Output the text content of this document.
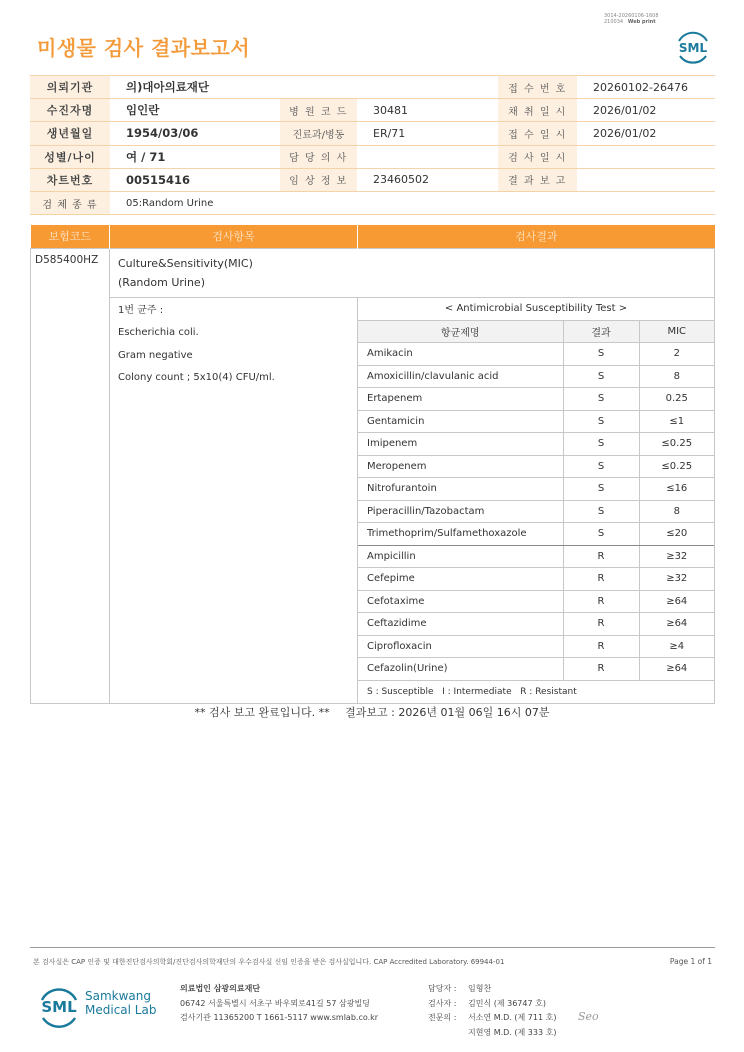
3014-20260106-1608
210034 Web print
미생물 검사 결과보고서	SML
의뢰기관	의)대아의료재단			접 수 번 호	20260102-26476
수진자명	임인란	병 원 코 드	30481	채 취 일 시	2026/01/02
생년월일	1954/03/06	진료과/병동	ER/71	접 수 일 시	2026/01/02
성별/나이	여 / 71	담 당 의 사		검 사 일 시	
차트번호	00515416	임 상 정 보	23460502	결 과 보 고	
검 체 종 류	05:Random Urine				
보험코드	검사항목	검사결과
D585400HZ	Culture&Sensitivity(MIC)
(Random Urine)

1번 균주 :
Escherichia coli.
Gram negative
Colony count ; 5x10(4) CFU/ml.

< Antimicrobial Susceptibility Test >
항균제명	결과	MIC
Amikacin	S	2
Amoxicillin/clavulanic acid	S	8
Ertapenem	S	0.25
Gentamicin	S	≤1
Imipenem	S	≤0.25
Meropenem	S	≤0.25
Nitrofurantoin	S	≤16
Piperacillin/Tazobactam	S	8
Trimethoprim/Sulfamethoxazole	S	≤20
Ampicillin	R	≥32
Cefepime	R	≥32
Cefotaxime	R	≥64
Ceftazidime	R	≥64
Ciprofloxacin	R	≥4
Cefazolin(Urine)	R	≥64
S : Susceptible   I : Intermediate   R : Resistant
** 검사 보고 완료입니다. ** 결과보고 : 2026년 01월 06일 16시 07분
본 검사실은 CAP 인증 및 대한진단검사의학회/진단검사의학재단의 우수검사실 신임 인증을 받은 검사실입니다. CAP Accredited Laboratory. 69944-01	Page 1 of 1
SML
Samkwang
Medical Lab
의료법인 삼광의료재단
06742 서울특별시 서초구 바우뫼로41길 57 삼광빌딩
검사기관 11365200 T 1661-5117 www.smlab.co.kr
담당자 :	임형찬
검사자 :	김민식 (제 36747 호)
전문의 :	서소연 M.D. (제 711 호)
지현영 M.D. (제 333 호)
Seo
